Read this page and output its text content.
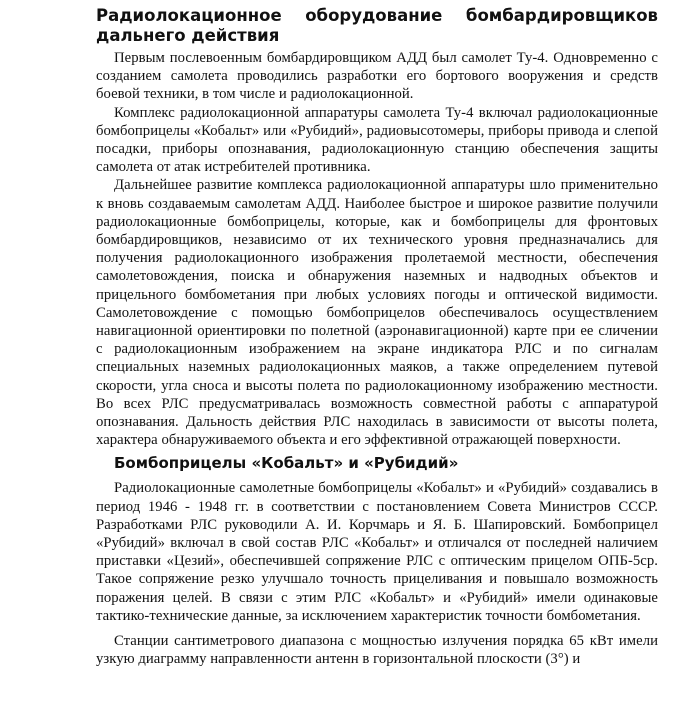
Радиолокационное оборудование бомбардировщиков дальнего действия

Первым послевоенным бомбардировщиком АДД был самолет Ту-4. Одновременно с созданием самолета проводились разработки его бортового вооружения и средств боевой техники, в том числе и радиолокационной.

Комплекс радиолокационной аппаратуры самолета Ту-4 включал радиолокационные бомбоприцелы «Кобальт» или «Рубидий», радиовысотомеры, приборы привода и слепой посадки, приборы опознавания, радиолокационную станцию обеспечения защиты самолета от атак истребителей противника.

Дальнейшее развитие комплекса радиолокационной аппаратуры шло применительно к вновь создаваемым самолетам АДД. Наиболее быстрое и широкое развитие получили радиолокационные бомбоприцелы, которые, как и бомбоприцелы для фронтовых бомбардировщиков, независимо от их технического уровня предназначались для получения радиолокационного изображения пролетаемой местности, обеспечения самолетовождения, поиска и обнаружения наземных и надводных объектов и прицельного бомбометания при любых условиях погоды и оптической видимости. Самолетовождение с помощью бомбоприцелов обеспечивалось осуществлением навигационной ориентировки по полетной (аэронавигационной) карте при ее сличении с радиолокационным изображением на экране индикатора РЛС и по сигналам специальных наземных радиолокационных маяков, а также определением путевой скорости, угла сноса и высоты полета по радиолокационному изображению местности. Во всех РЛС предусматривалась возможность совместной работы с аппаратурой опознавания. Дальность действия РЛС находилась в зависимости от высоты полета, характера обнаруживаемого объекта и его эффективной отражающей поверхности.

Бомбоприцелы «Кобальт» и «Рубидий»

Радиолокационные самолетные бомбоприцелы «Кобальт» и «Рубидий» создавались в период 1946 - 1948 гг. в соответствии с постановлением Совета Министров СССР. Разработками РЛС руководили А. И. Корчмарь и Я. Б. Шапировский. Бомбоприцел «Рубидий» включал в свой состав РЛС «Кобальт» и отличался от последней наличием приставки «Цезий», обеспечившей сопряжение РЛС с оптическим прицелом ОПБ-5ср. Такое сопряжение резко улучшало точность прицеливания и повышало возможность поражения целей. В связи с этим РЛС «Кобальт» и «Рубидий» имели одинаковые тактико-технические данные, за исключением характеристик точности бомбометания.

Станции сантиметрового диапазона с мощностью излучения порядка 65 кВт имели узкую диаграмму направленности антенн в горизонтальной плоскости (3°) и
